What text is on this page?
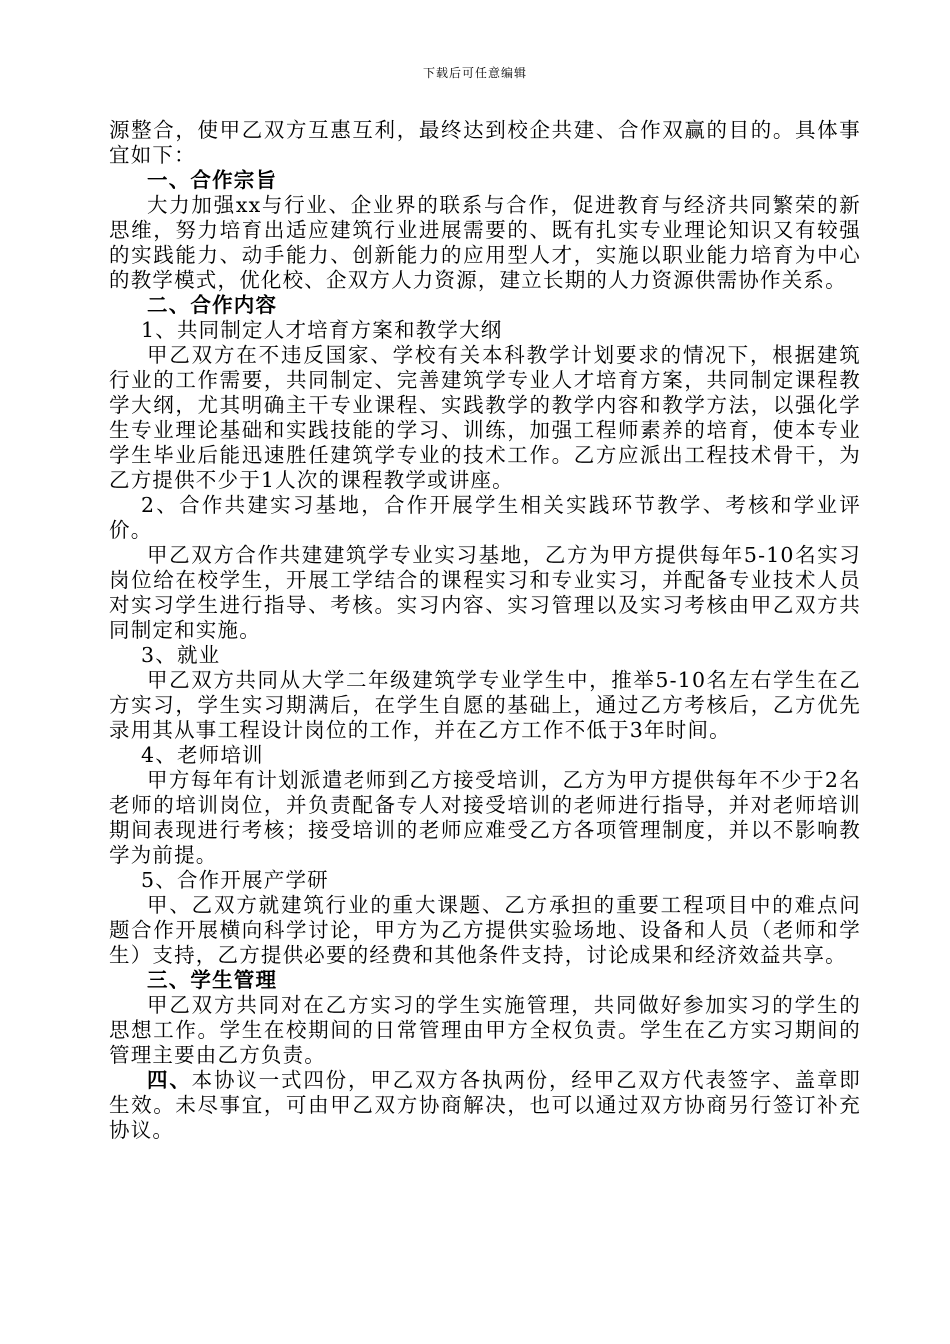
下载后可任意编辑

源整合，使甲乙双方互惠互利，最终达到校企共建、合作双赢的目的。具体事宜如下：

一、合作宗旨

大力加强xx与行业、企业界的联系与合作，促进教育与经济共同繁荣的新思维，努力培育出适应建筑行业进展需要的、既有扎实专业理论知识又有较强的实践能力、动手能力、创新能力的应用型人才，实施以职业能力培育为中心的教学模式，优化校、企双方人力资源，建立长期的人力资源供需协作关系。

二、合作内容

1、共同制定人才培育方案和教学大纲

甲乙双方在不违反国家、学校有关本科教学计划要求的情况下，根据建筑行业的工作需要，共同制定、完善建筑学专业人才培育方案，共同制定课程教学大纲，尤其明确主干专业课程、实践教学的教学内容和教学方法，以强化学生专业理论基础和实践技能的学习、训练，加强工程师素养的培育，使本专业学生毕业后能迅速胜任建筑学专业的技术工作。乙方应派出工程技术骨干，为乙方提供不少于1人次的课程教学或讲座。

2、合作共建实习基地，合作开展学生相关实践环节教学、考核和学业评价。

甲乙双方合作共建建筑学专业实习基地，乙方为甲方提供每年5-10名实习岗位给在校学生，开展工学结合的课程实习和专业实习，并配备专业技术人员对实习学生进行指导、考核。实习内容、实习管理以及实习考核由甲乙双方共同制定和实施。

3、就业

甲乙双方共同从大学二年级建筑学专业学生中，推举5-10名左右学生在乙方实习，学生实习期满后，在学生自愿的基础上，通过乙方考核后，乙方优先录用其从事工程设计岗位的工作，并在乙方工作不低于3年时间。

4、老师培训

甲方每年有计划派遣老师到乙方接受培训，乙方为甲方提供每年不少于2名老师的培训岗位，并负责配备专人对接受培训的老师进行指导，并对老师培训期间表现进行考核；接受培训的老师应难受乙方各项管理制度，并以不影响教学为前提。

5、合作开展产学研

甲、乙双方就建筑行业的重大课题、乙方承担的重要工程项目中的难点问题合作开展横向科学讨论，甲方为乙方提供实验场地、设备和人员（老师和学生）支持，乙方提供必要的经费和其他条件支持，讨论成果和经济效益共享。

三、学生管理

甲乙双方共同对在乙方实习的学生实施管理，共同做好参加实习的学生的思想工作。学生在校期间的日常管理由甲方全权负责。学生在乙方实习期间的管理主要由乙方负责。

四、本协议一式四份，甲乙双方各执两份，经甲乙双方代表签字、盖章即生效。未尽事宜，可由甲乙双方协商解决，也可以通过双方协商另行签订补充协议。
